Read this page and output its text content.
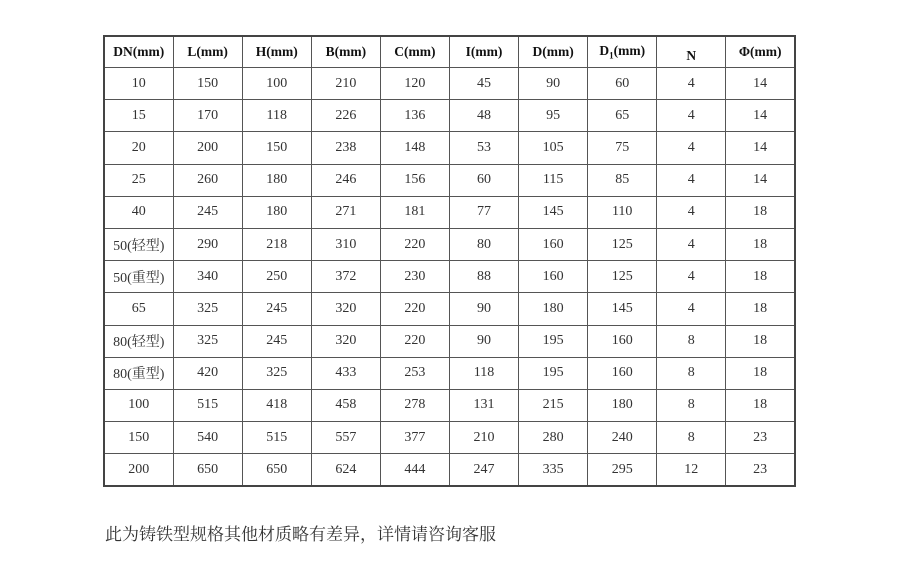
DN(mm)	L(mm)	H(mm)	B(mm)	C(mm)	I(mm)	D(mm)	$D_1(mm)$	N	Φ(mm)
10	150	100	210	120	45	90	60	4	14
15	170	118	226	136	48	95	65	4	14
20	200	150	238	148	53	105	75	4	14
25	260	180	246	156	60	115	85	4	14
40	245	180	271	181	77	145	110	4	18
50(轻型)	290	218	310	220	80	160	125	4	18
50(重型)	340	250	372	230	88	160	125	4	18
65	325	245	320	220	90	180	145	4	18
80(轻型)	325	245	320	220	90	195	160	8	18
80(重型)	420	325	433	253	118	195	160	8	18
100	515	418	458	278	131	215	180	8	18
150	540	515	557	377	210	280	240	8	23
200	650	650	624	444	247	335	295	12	23
此为铸铁型规格其他材质略有差异，详情请咨询客服
